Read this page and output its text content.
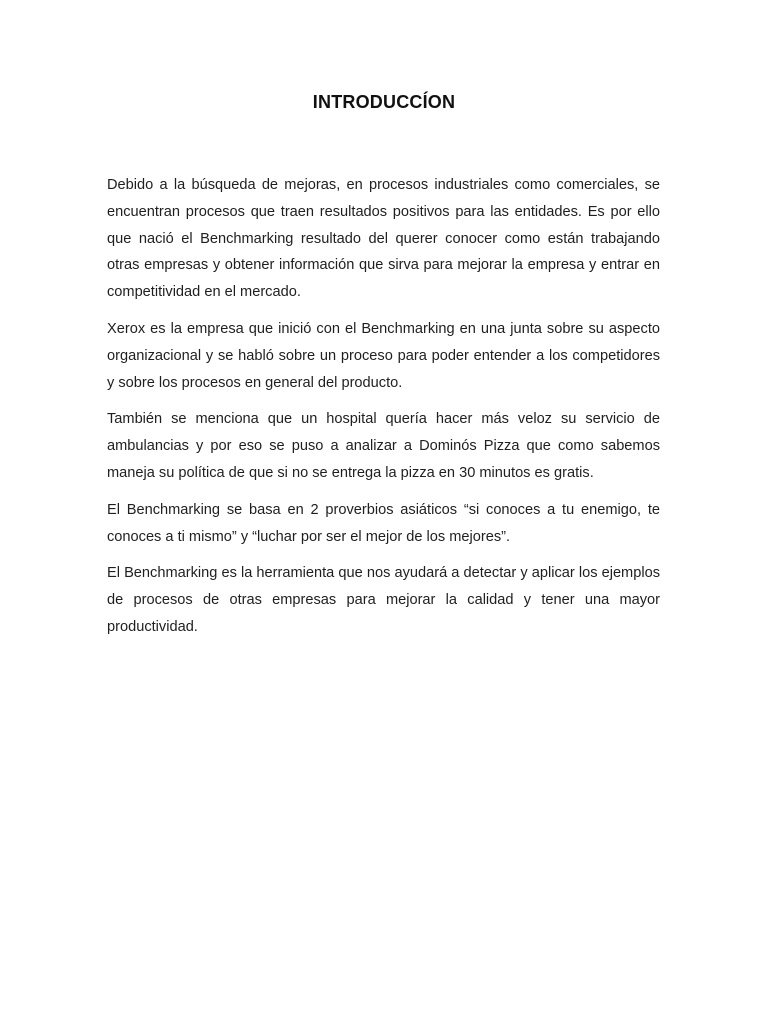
INTRODUCCÍON

Debido a la búsqueda de mejoras, en procesos industriales como comerciales, se encuentran procesos que traen resultados positivos para las entidades. Es por ello que nació el Benchmarking resultado del querer conocer como están trabajando otras empresas y obtener información que sirva para mejorar la empresa y entrar en competitividad en el mercado.

Xerox es la empresa que inició con el Benchmarking en una junta sobre su aspecto organizacional y se habló sobre un proceso para poder entender a los competidores y sobre los procesos en general del producto.

También se menciona que un hospital quería hacer más veloz su servicio de ambulancias y por eso se puso a analizar a Dominós Pizza que como sabemos maneja su política de que si no se entrega la pizza en 30 minutos es gratis.

El Benchmarking se basa en 2 proverbios asiáticos “si conoces a tu enemigo, te conoces a ti mismo” y “luchar por ser el mejor de los mejores”.

El Benchmarking es la herramienta que nos ayudará a detectar y aplicar los ejemplos de procesos de otras empresas para mejorar la calidad y tener una mayor productividad.
